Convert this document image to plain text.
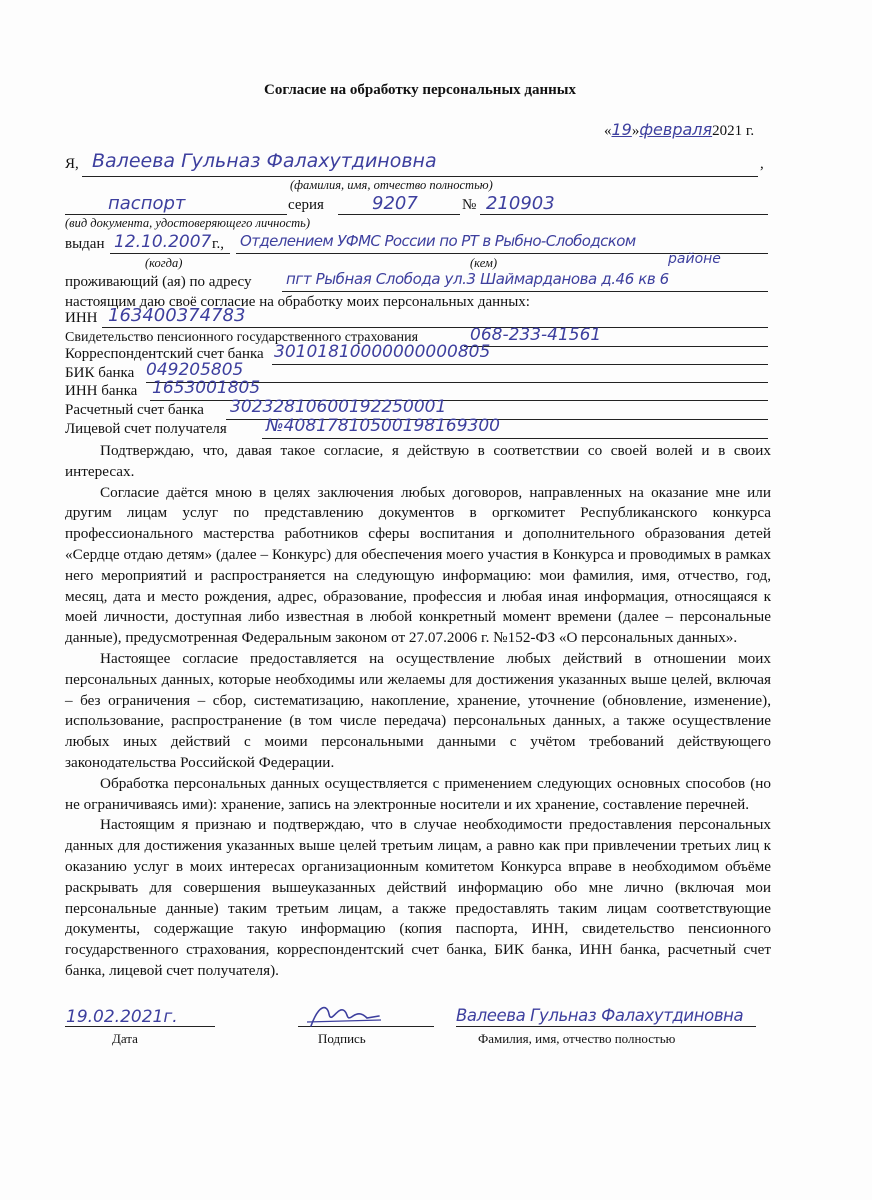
Согласие на обработку персональных данных
«19»февраля2021 г.
Я, Валеева Гульназ Фалахутдиновна	,
(фамилия, имя, отчество полностью)
паспорт	серия	9207	№ 210903
(вид документа, удостоверяющего личность)
выдан 12.10.2007 г., Отделением УФМС России по РТ в Рыбно-Слободском
районе
(когда)	(кем)
проживающий (ая) по адресу пгт Рыбная Слобода ул.3 Шаймарданова д.46 кв 6
настоящим даю своё согласие на обработку моих персональных данных:
ИНН 163400374783
Свидетельство пенсионного государственного страхования	068-233-41561
Корреспондентский счет банка 30101810000000000805
БИК банка 049205805
ИНН банка 1653001805
Расчетный счет банка 30232810600192250001
Лицевой счет получателя №40817810500198169300

Подтверждаю, что, давая такое согласие, я действую в соответствии со своей волей и в своих интересах.

Согласие даётся мною в целях заключения любых договоров, направленных на оказание мне или другим лицам услуг по представлению документов в оргкомитет Республиканского конкурса профессионального мастерства работников сферы воспитания и дополнительного образования детей «Сердце отдаю детям» (далее – Конкурс) для обеспечения моего участия в Конкурса и проводимых в рамках него мероприятий и распространяется на следующую информацию: мои фамилия, имя, отчество, год, месяц, дата и место рождения, адрес, образование, профессия и любая иная информация, относящаяся к моей личности, доступная либо известная в любой конкретный момент времени (далее – персональные данные), предусмотренная Федеральным законом от 27.07.2006 г. №152-ФЗ «О персональных данных».

Настоящее согласие предоставляется на осуществление любых действий в отношении моих персональных данных, которые необходимы или желаемы для достижения указанных выше целей, включая – без ограничения – сбор, систематизацию, накопление, хранение, уточнение (обновление, изменение), использование, распространение (в том числе передача) персональных данных, а также осуществление любых иных действий с моими персональными данными с учётом требований действующего законодательства Российской Федерации.

Обработка персональных данных осуществляется с применением следующих основных способов (но не ограничиваясь ими): хранение, запись на электронные носители и их хранение, составление перечней.

Настоящим я признаю и подтверждаю, что в случае необходимости предоставления персональных данных для достижения указанных выше целей третьим лицам, а равно как при привлечении третьих лиц к оказанию услуг в моих интересах организационным комитетом Конкурса вправе в необходимом объёме раскрывать для совершения вышеуказанных действий информацию обо мне лично (включая мои персональные данные) таким третьим лицам, а также предоставлять таким лицам соответствующие документы, содержащие такую информацию (копия паспорта, ИНН, свидетельство пенсионного государственного страхования, корреспондентский счет банка, БИК банка, ИНН банка, расчетный счет банка, лицевой счет получателя).

19.02.2021г.
Дата	Подпись
Валеева Гульназ Фалахутдиновна
Фамилия, имя, отчество полностью
